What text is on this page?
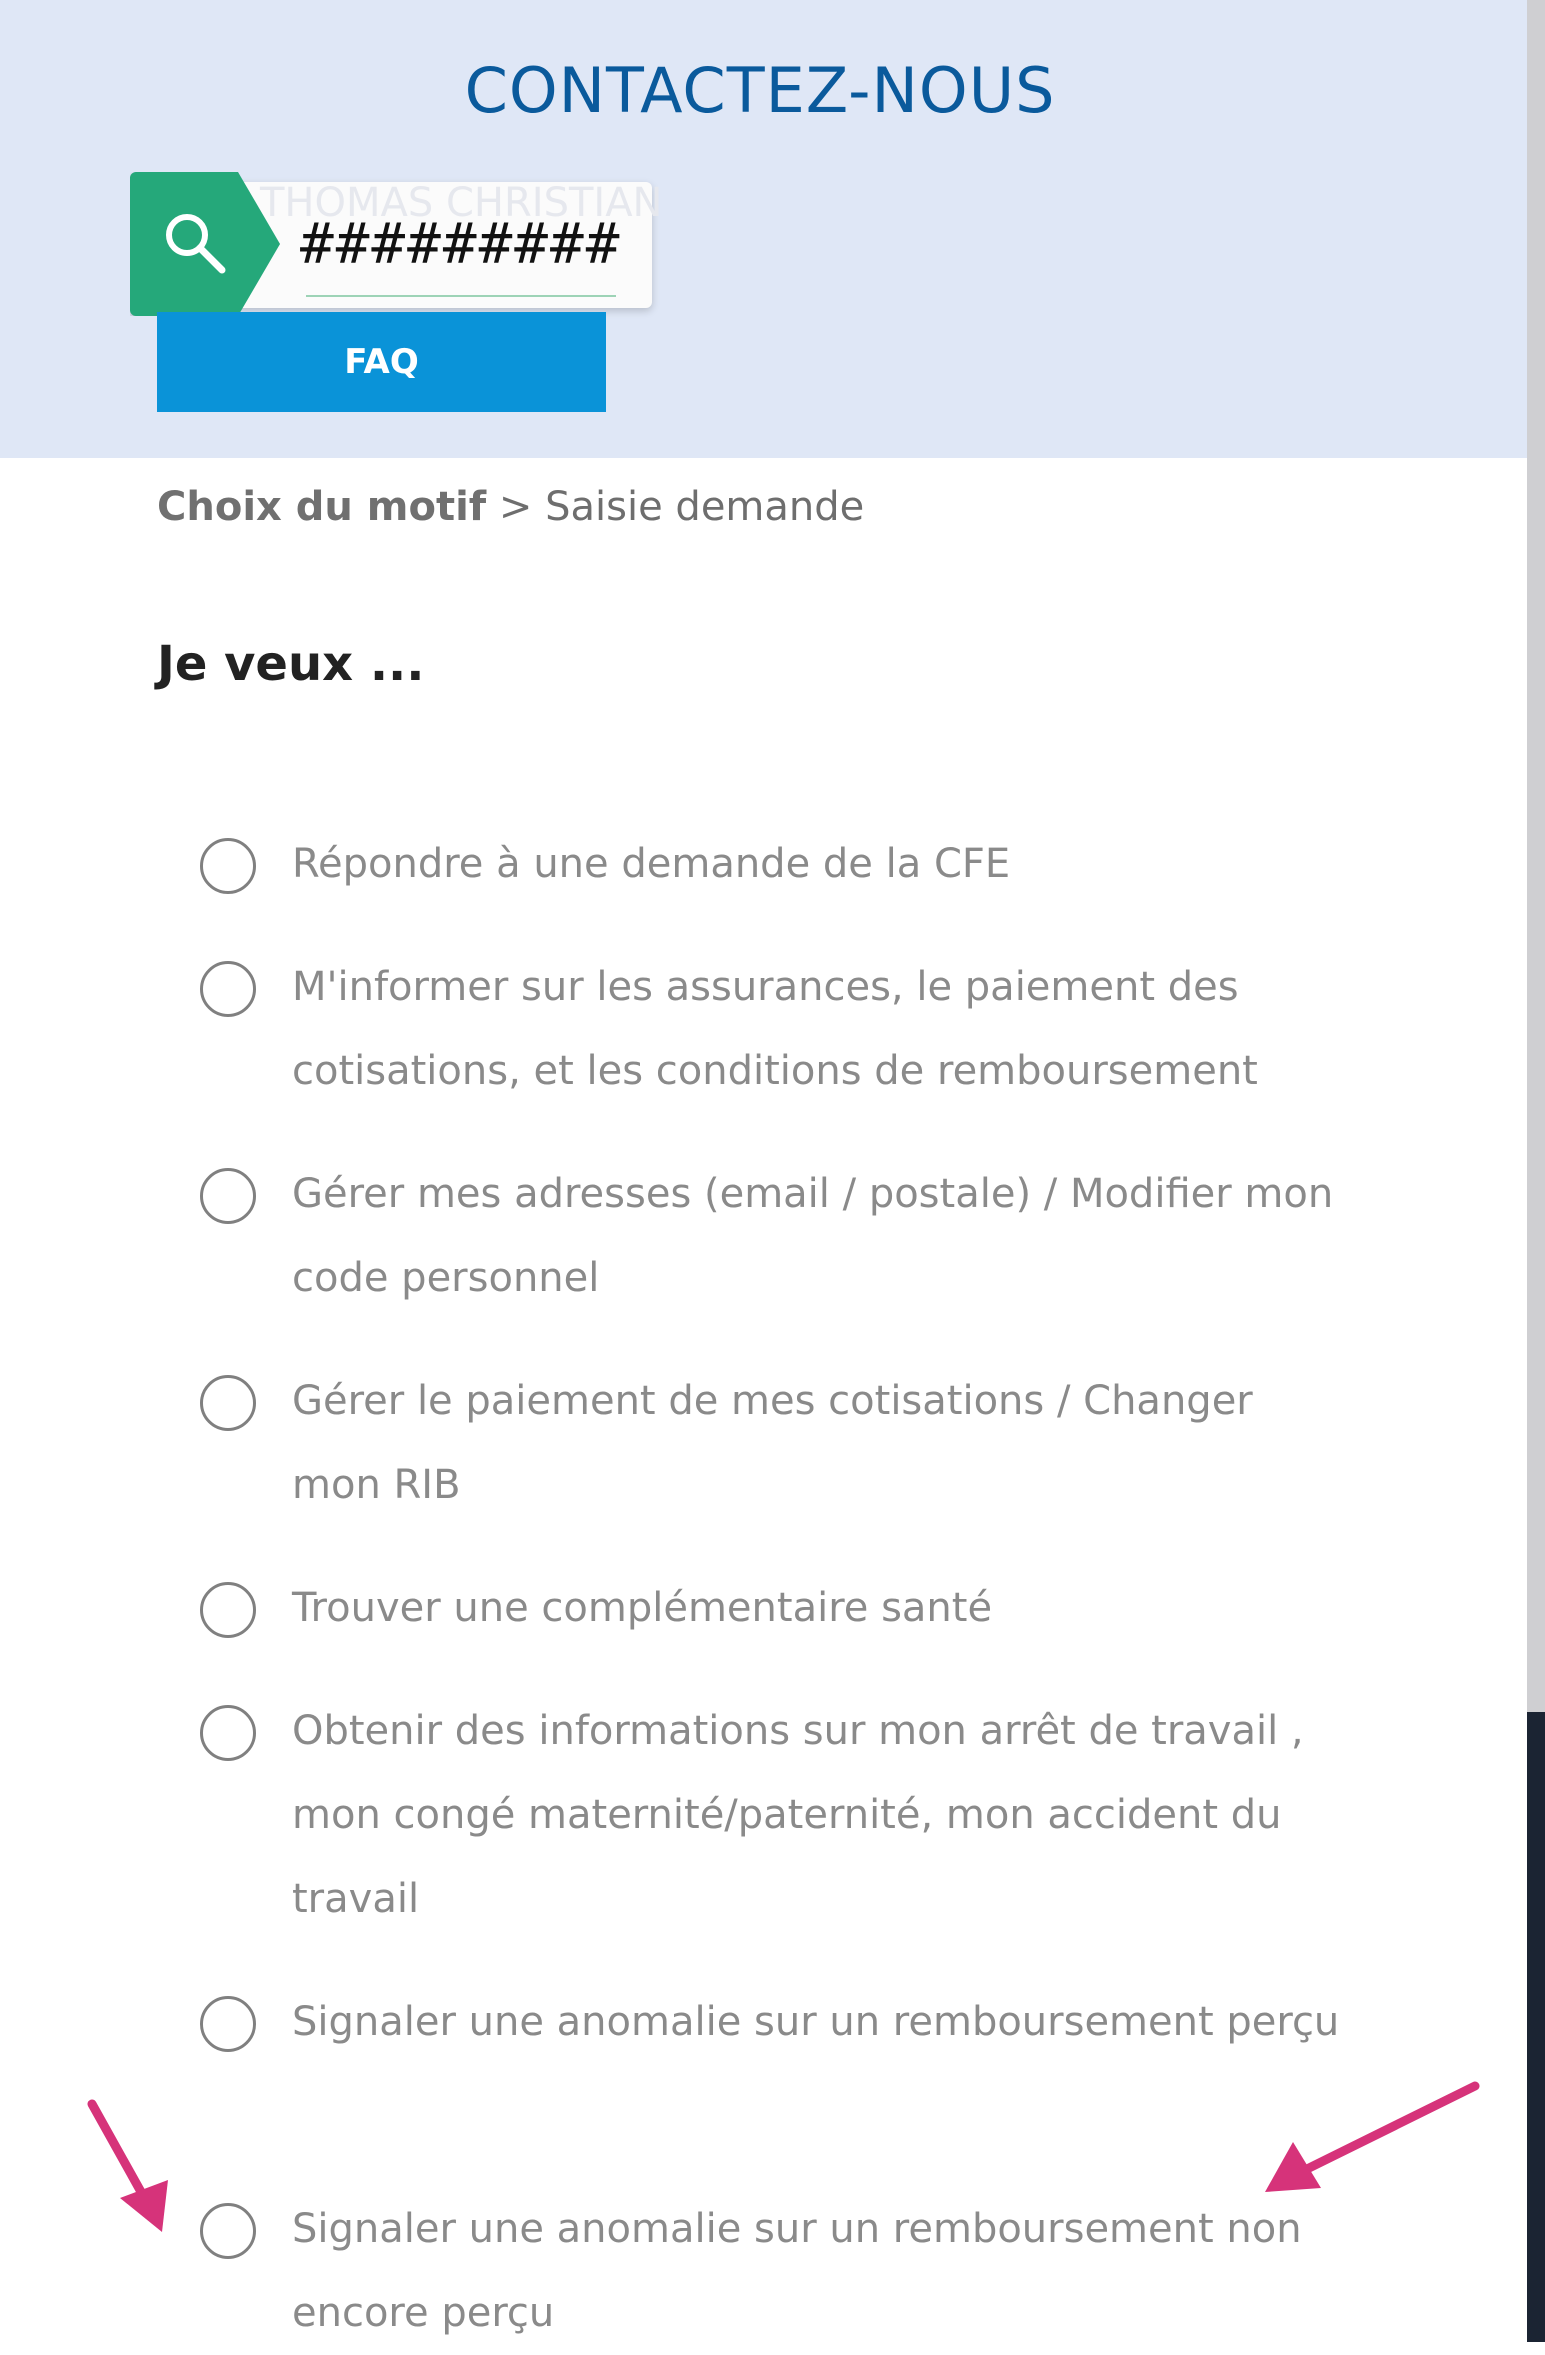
CONTACTEZ-NOUS
THOMAS CHRISTIAN
#########
FAQ
Choix du motif > Saisie demande
Je veux ...
Répondre à une demande de la CFE
M'informer sur les assurances, le paiement des cotisations, et les conditions de remboursement
Gérer mes adresses (email / postale) / Modifier mon code personnel
Gérer le paiement de mes cotisations / Changer mon RIB
Trouver une complémentaire santé
Obtenir des informations sur mon arrêt de travail , mon congé maternité/paternité, mon accident du travail
Signaler une anomalie sur un remboursement perçu
Signaler une anomalie sur un remboursement non encore perçu
